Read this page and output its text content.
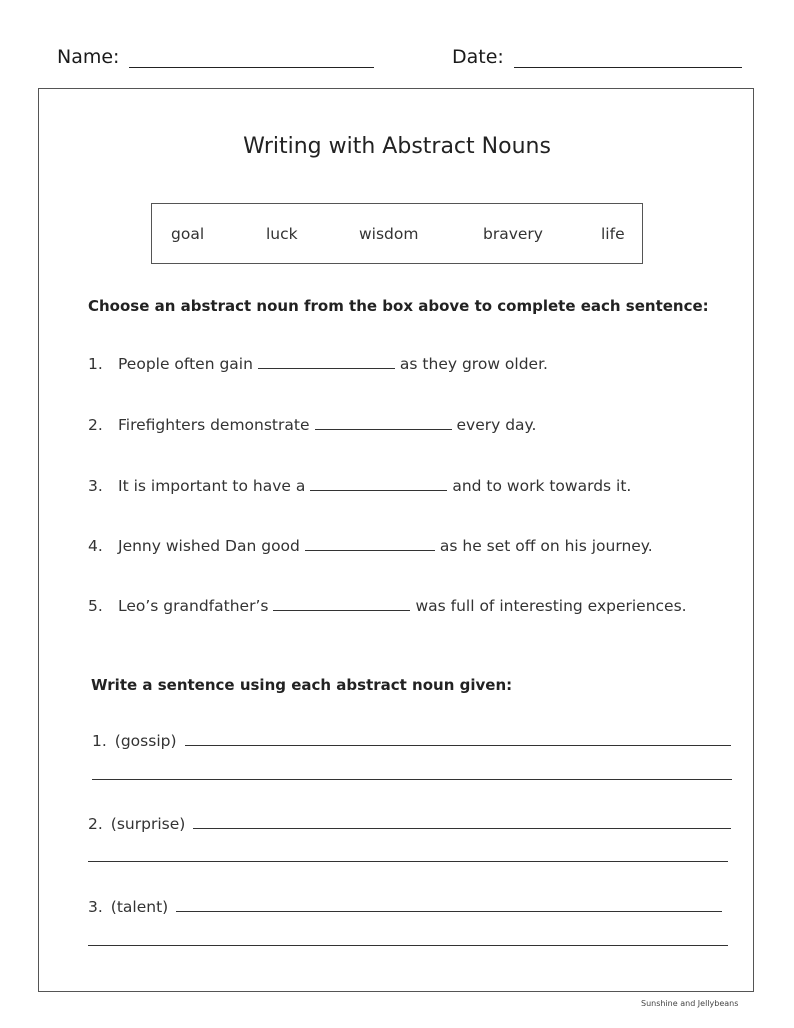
Name:	Date:
Writing with Abstract Nouns
goal	luck	wisdom	bravery	life
Choose an abstract noun from the box above to complete each sentence:
1. People often gain	as they grow older.
2. Firefighters demonstrate	every day.
3. It is important to have a	and to work towards it.
4. Jenny wished Dan good	as he set off on his journey.
5. Leo’s grandfather’s	was full of interesting experiences.
Write a sentence using each abstract noun given:
1. (gossip)
2. (surprise)
3. (talent)
Sunshine and Jellybeans
